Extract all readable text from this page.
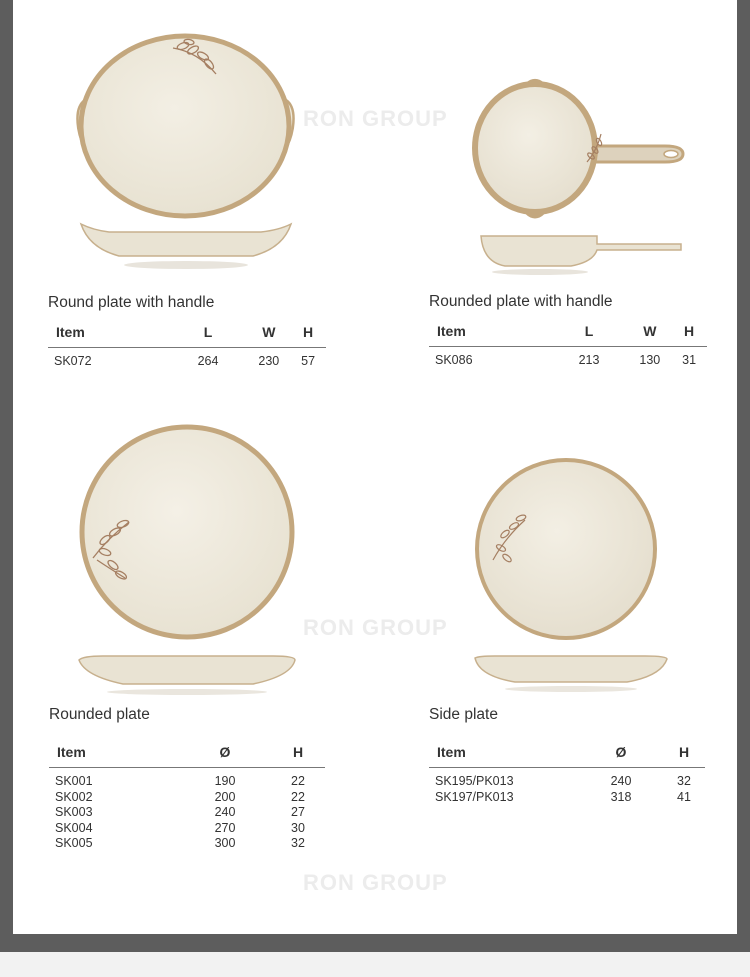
RON GROUP
RON GROUP
RON GROUP
Round plate with handle
Item	L	W	H
SK072	264	230	57
Rounded plate with handle
Item	L	W	H
SK086	213	130	31
Rounded plate
Item	Ø	H
SK001	190	22
SK002	200	22
SK003	240	27
SK004	270	30
SK005	300	32
Side plate
Item	Ø	H
SK195/PK013	240	32
SK197/PK013	318	41
